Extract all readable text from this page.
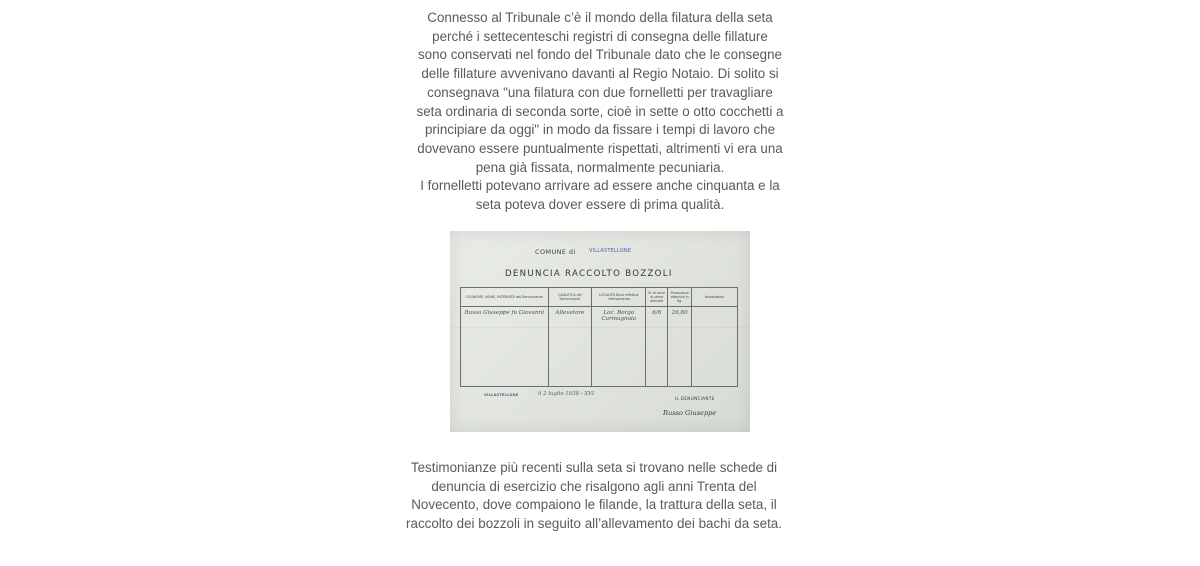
Connesso al Tribunale c’è il mondo della filatura della seta
perché i settecenteschi registri di consegna delle fillature
sono conservati nel fondo del Tribunale dato che le consegne
delle fillature avvenivano davanti al Regio Notaio. Di solito si
consegnava "una filatura con due fornelletti per travagliare
seta ordinaria di seconda sorte, cioè in sette o otto cocchetti a
principiare da oggi" in modo da fissare i tempi di lavoro che
dovevano essere puntualmente rispettati, altrimenti vi era una
pena già fissata, normalmente pecuniaria.
I fornelletti potevano arrivare ad essere anche cinquanta e la
seta poteva dover essere di prima qualità.
COMUNE di	VILLASTELLONE
DENUNCIA RACCOLTO BOZZOLI
COGNOME, NOME, PATERNITÀ del Denunciante	QUALIFICA del Denunciante	LOCALITÀ Dove effettuò l'allevamento	N. di once di seme allevate	Produzione ottenuta in Kg.	Annotazioni
Russo Giuseppe fu Giovanni	Allevatore	Loc. Borgo Carmagnola	6/8	26,80	
VILLASTELLONE	lì 2 luglio 1938 - XVI
IL DENUNCIANTE
Russo Giuseppe
Testimonianze più recenti sulla seta si trovano nelle schede di
denuncia di esercizio che risalgono agli anni Trenta del
Novecento, dove compaiono le filande, la trattura della seta, il
raccolto dei bozzoli in seguito all’allevamento dei bachi da seta.
